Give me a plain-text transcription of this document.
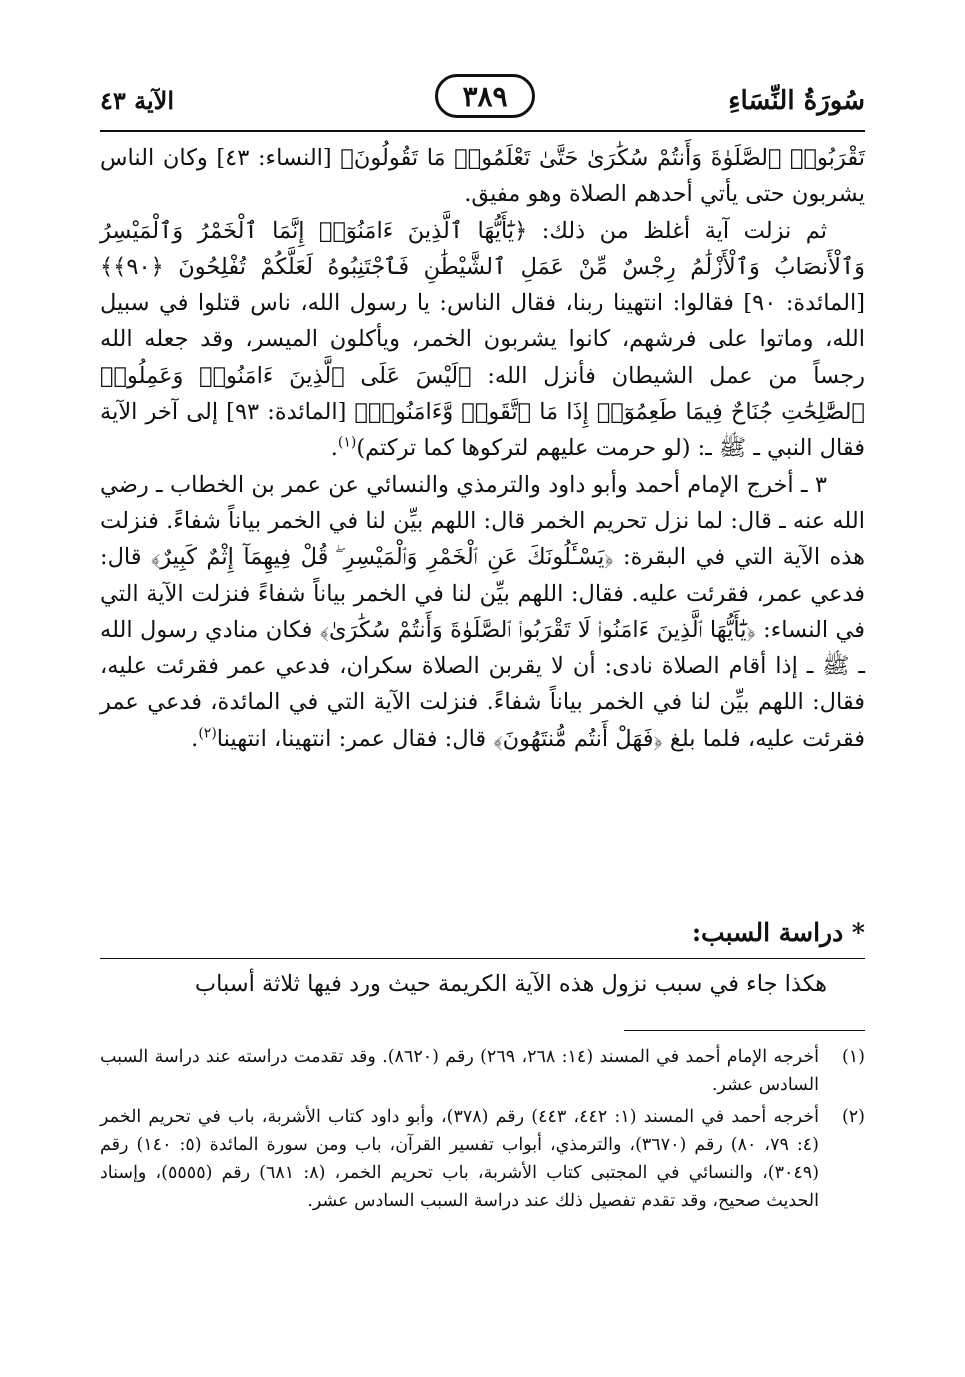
سُورَةُ النِّسَاءِ
٣٨٩
الآية ٤٣

تَقْرَبُوا۟ ٱلصَّلَوٰةَ وَأَنتُمْ سُكَٰرَىٰ حَتَّىٰ تَعْلَمُوا۟ مَا تَقُولُونَ﴾ [النساء: ٤٣] وكان الناس يشربون حتى يأتي أحدهم الصلاة وهو مفيق.

ثم نزلت آية أغلظ من ذلك: ﴿يَٰٓأَيُّهَا ٱلَّذِينَ ءَامَنُوٓا۟ إِنَّمَا ٱلْخَمْرُ وَٱلْمَيْسِرُ وَٱلْأَنصَابُ وَٱلْأَزْلَٰمُ رِجْسٌ مِّنْ عَمَلِ ٱلشَّيْطَٰنِ فَٱجْتَنِبُوهُ لَعَلَّكُمْ تُفْلِحُونَ ﴿٩٠﴾﴾ [المائدة: ٩٠] فقالوا: انتهينا ربنا، فقال الناس: يا رسول الله، ناس قتلوا في سبيل الله، وماتوا على فرشهم، كانوا يشربون الخمر، ويأكلون الميسر، وقد جعله الله رجساً من عمل الشيطان فأنزل الله: ﴿لَيْسَ عَلَى ٱلَّذِينَ ءَامَنُوا۟ وَعَمِلُوا۟ ٱلصَّٰلِحَٰتِ جُنَاحٌ فِيمَا طَعِمُوٓا۟ إِذَا مَا ٱتَّقَوا۟ وَّءَامَنُوا۟﴾ [المائدة: ٩٣] إلى آخر الآية فقال النبي ـ ﷺ ـ: (لو حرمت عليهم لتركوها كما تركتم)$^{(١)}$.

٣ ـ أخرج الإمام أحمد وأبو داود والترمذي والنسائي عن عمر بن الخطاب ـ رضي الله عنه ـ قال: لما نزل تحريم الخمر قال: اللهم بيِّن لنا في الخمر بياناً شفاءً. فنزلت هذه الآية التي في البقرة: ﴿يَسْـَٔلُونَكَ عَنِ ٱلْخَمْرِ وَٱلْمَيْسِرِ ۖ قُلْ فِيهِمَآ إِثْمٌ كَبِيرٌ﴾ قال: فدعي عمر، فقرئت عليه. فقال: اللهم بيِّن لنا في الخمر بياناً شفاءً فنزلت الآية التي في النساء: ﴿يَٰٓأَيُّهَا ٱلَّذِينَ ءَامَنُوا۟ لَا تَقْرَبُوا۟ ٱلصَّلَوٰةَ وَأَنتُمْ سُكَٰرَىٰ﴾ فكان منادي رسول الله ـ ﷺ ـ إذا أقام الصلاة نادى: أن لا يقربن الصلاة سكران، فدعي عمر فقرئت عليه، فقال: اللهم بيِّن لنا في الخمر بياناً شفاءً. فنزلت الآية التي في المائدة، فدعي عمر فقرئت عليه، فلما بلغ ﴿فَهَلْ أَنتُم مُّنتَهُونَ﴾ قال: فقال عمر: انتهينا، انتهينا$^{(٢)}$.

* دراسة السبب:
هكذا جاء في سبب نزول هذه الآية الكريمة حيث ورد فيها ثلاثة أسباب
(١)
أخرجه الإمام أحمد في المسند (١٤: ٢٦٨، ٢٦٩) رقم (٨٦٢٠). وقد تقدمت دراسته عند دراسة السبب السادس عشر.
(٢)
أخرجه أحمد في المسند (١: ٤٤٢، ٤٤٣) رقم (٣٧٨)، وأبو داود كتاب الأشربة، باب في تحريم الخمر (٤: ٧٩، ٨٠) رقم (٣٦٧٠)، والترمذي، أبواب تفسير القرآن، باب ومن سورة المائدة (٥: ١٤٠) رقم (٣٠٤٩)، والنسائي في المجتبى كتاب الأشربة، باب تحريم الخمر، (٨: ٦٨١) رقم (٥٥٥٥)، وإسناد الحديث صحيح، وقد تقدم تفصيل ذلك عند دراسة السبب السادس عشر.
